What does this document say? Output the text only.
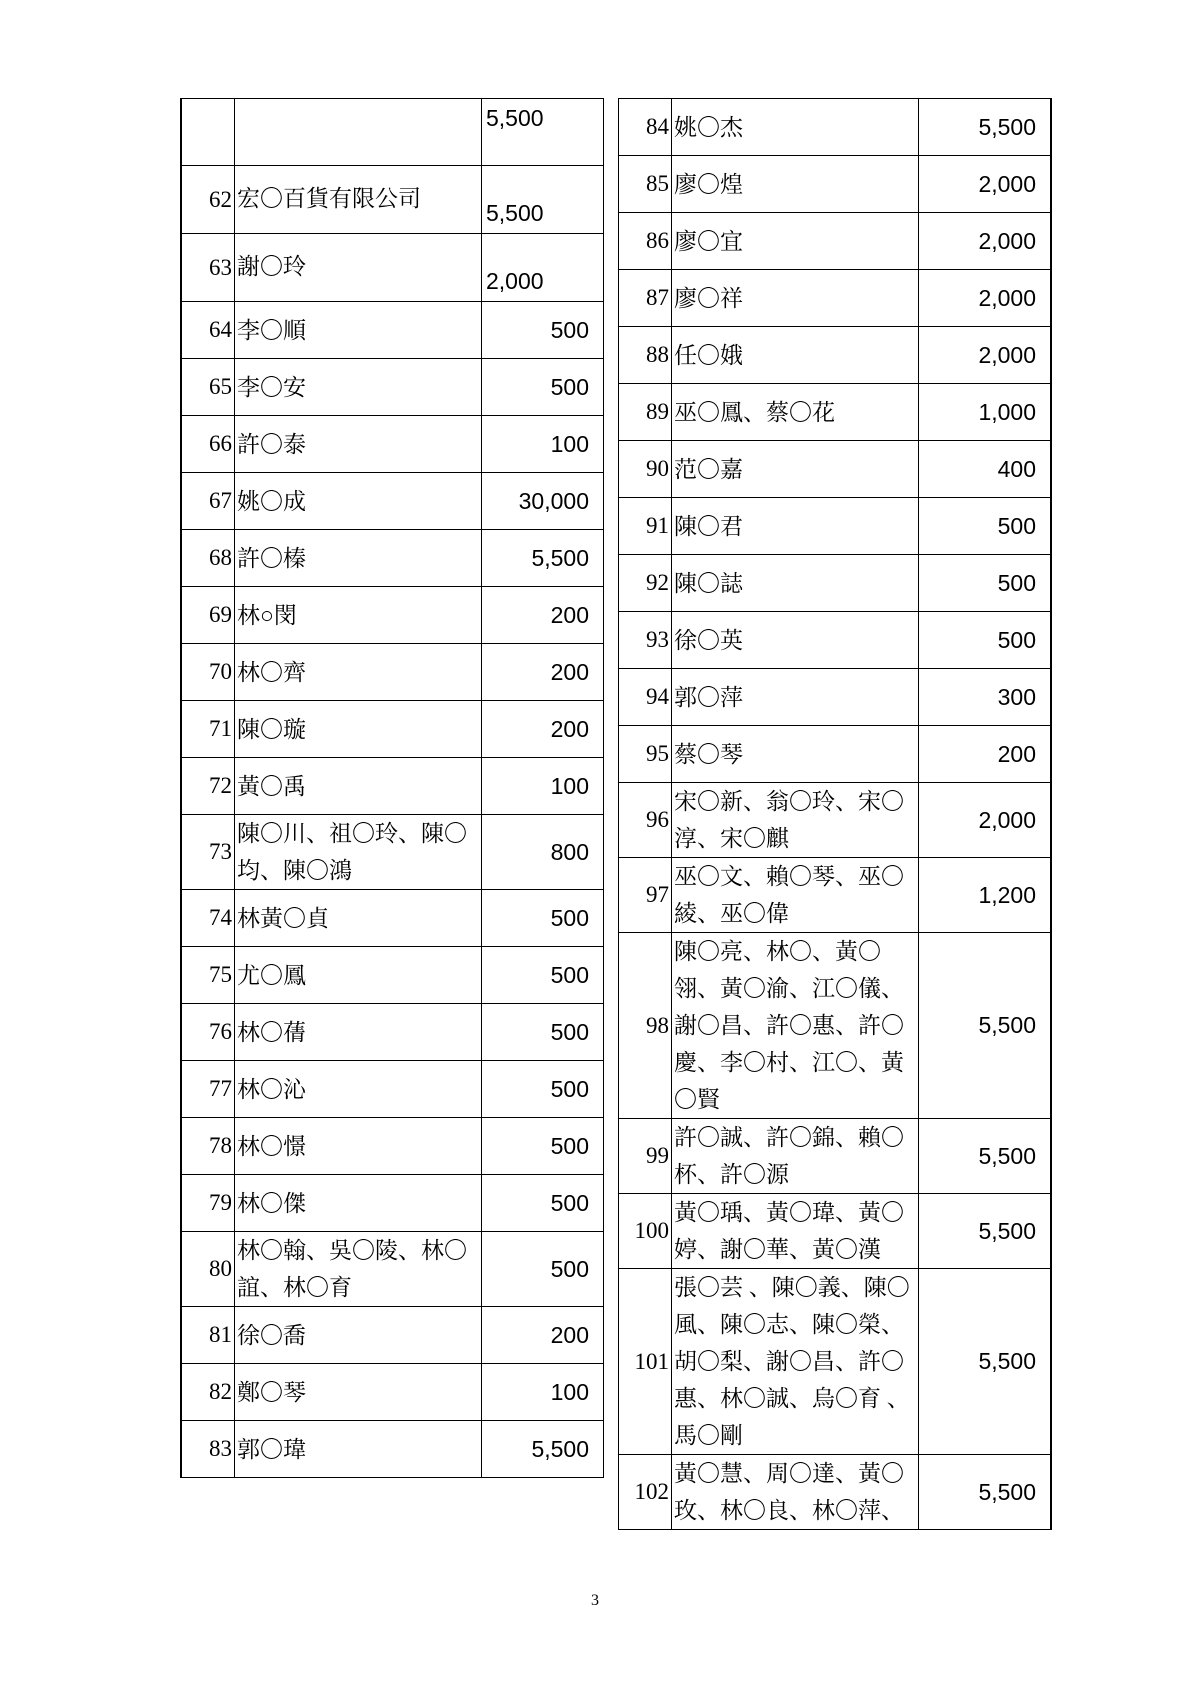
		5,500
62	宏〇百貨有限公司	5,500
63	謝〇玲	2,000
64	李〇順	500
65	李〇安	500
66	許〇泰	100
67	姚〇成	30,000
68	許〇榛	5,500
69	林○閔	200
70	林〇齊	200
71	陳〇璇	200
72	黃〇禹	100
73	陳〇川、祖〇玲、陳〇均、陳〇鴻	800
74	林黃〇貞	500
75	尤〇鳳	500
76	林〇蒨	500
77	林〇沁	500
78	林〇憬	500
79	林〇傑	500
80	林〇翰、吳〇陵、林〇誼、林〇育	500
81	徐〇喬	200
82	鄭〇琴	100
83	郭〇瑋	5,500
84	姚〇杰	5,500
85	廖〇煌	2,000
86	廖〇宜	2,000
87	廖〇祥	2,000
88	任〇娥	2,000
89	巫〇鳳、蔡〇花	1,000
90	范〇嘉	400
91	陳〇君	500
92	陳〇誌	500
93	徐〇英	500
94	郭〇萍	300
95	蔡〇琴	200
96	宋〇新、翁〇玲、宋〇淳、宋〇麒	2,000
97	巫〇文、賴〇琴、巫〇綾、巫〇偉	1,200
98	陳〇亮、林〇、黃〇翎、黃〇渝、江〇儀、謝〇昌、許〇惠、許〇慶、李〇村、江〇、黃〇賢	5,500
99	許〇誠、許〇錦、賴〇杯、許〇源	5,500
100	黃〇瑀、黃〇瑋、黃〇婷、謝〇華、黃〇漢	5,500
101	張〇芸 、陳〇義、陳〇風、陳〇志、陳〇榮、胡〇梨、謝〇昌、許〇惠、林〇誠、烏〇育 、馬〇剛	5,500
102	黃〇慧、周〇達、黃〇玫、林〇良、林〇萍、	5,500
3
